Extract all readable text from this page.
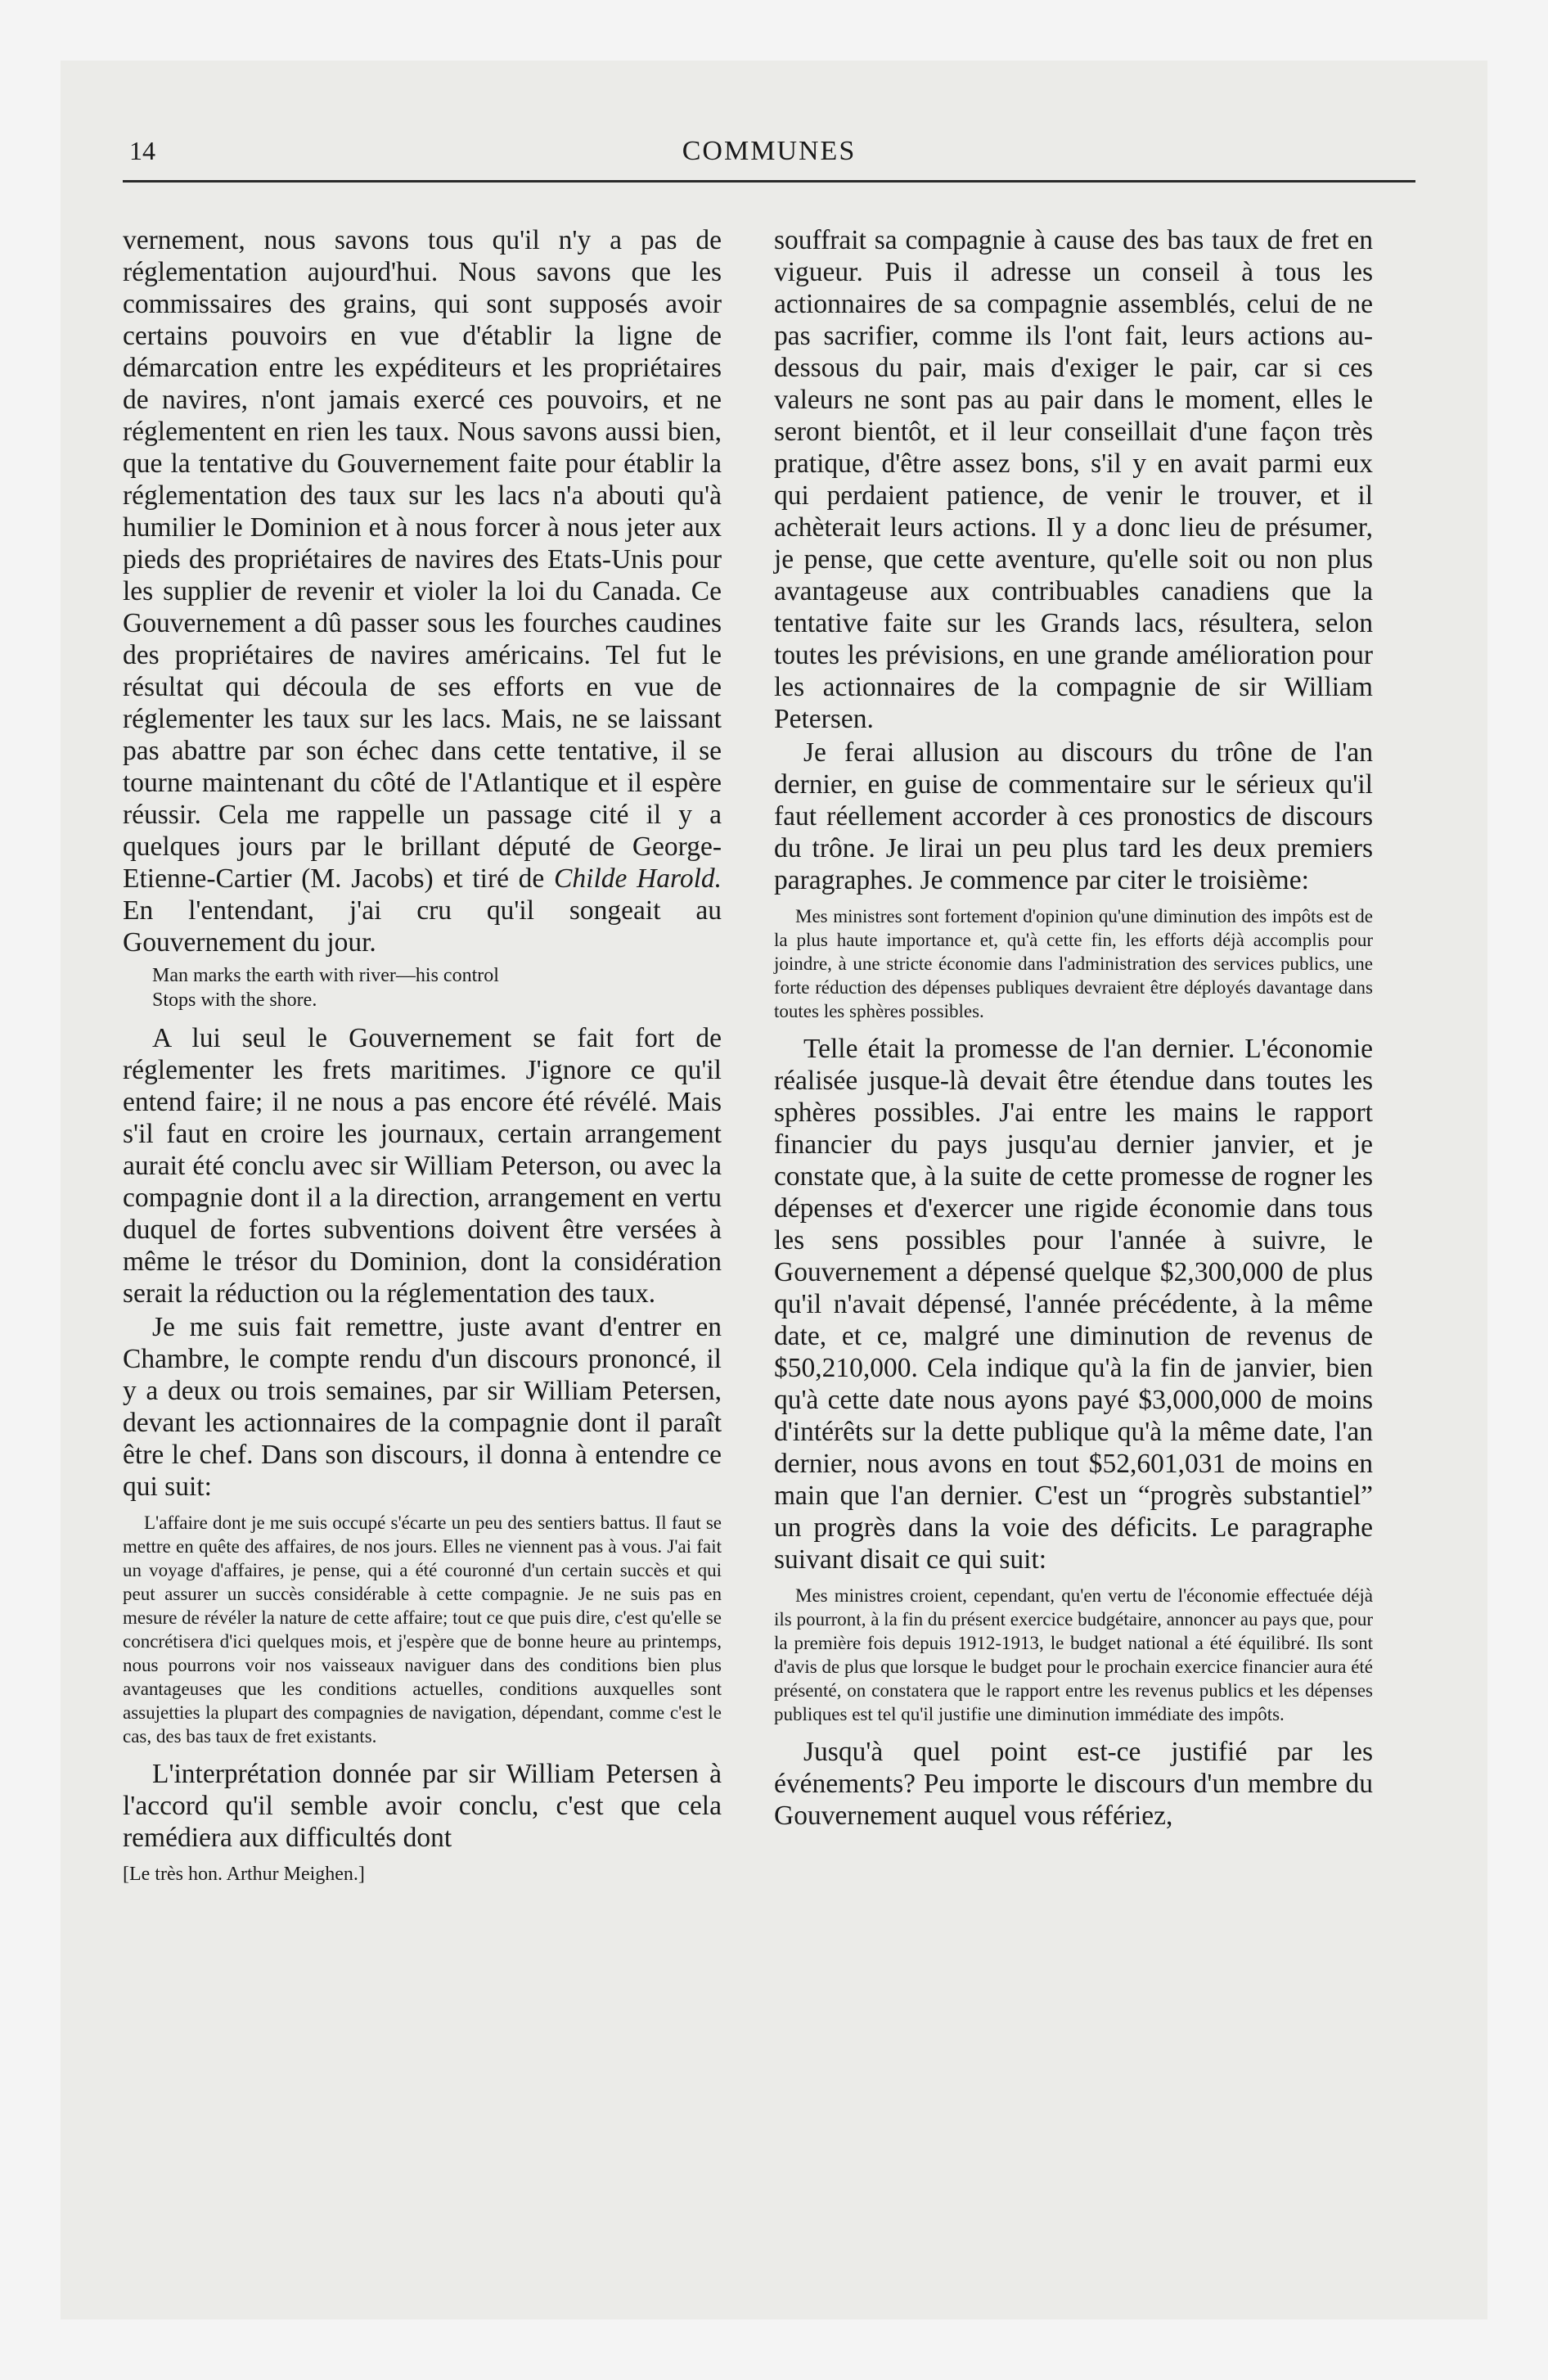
14	COMMUNES

vernement, nous savons tous qu'il n'y a pas de réglementation aujourd'hui. Nous savons que les commissaires des grains, qui sont supposés avoir certains pouvoirs en vue d'établir la ligne de démarcation entre les expéditeurs et les propriétaires de navires, n'ont jamais exercé ces pouvoirs, et ne réglementent en rien les taux. Nous savons aussi bien, que la tentative du Gouvernement faite pour établir la réglementation des taux sur les lacs n'a abouti qu'à humilier le Dominion et à nous forcer à nous jeter aux pieds des propriétaires de navires des Etats-Unis pour les supplier de revenir et violer la loi du Canada. Ce Gouvernement a dû passer sous les fourches caudines des propriétaires de navires américains. Tel fut le résultat qui découla de ses efforts en vue de réglementer les taux sur les lacs. Mais, ne se laissant pas abattre par son échec dans cette tentative, il se tourne maintenant du côté de l'Atlantique et il espère réussir. Cela me rappelle un passage cité il y a quelques jours par le brillant député de George-Etienne-Cartier (M. Jacobs) et tiré de Childe Harold. En l'entendant, j'ai cru qu'il songeait au Gouvernement du jour.

Man marks the earth with river—his control
Stops with the shore.

A lui seul le Gouvernement se fait fort de réglementer les frets maritimes. J'ignore ce qu'il entend faire; il ne nous a pas encore été révélé. Mais s'il faut en croire les journaux, certain arrangement aurait été conclu avec sir William Peterson, ou avec la compagnie dont il a la direction, arrangement en vertu duquel de fortes subventions doivent être versées à même le trésor du Dominion, dont la considération serait la réduction ou la réglementation des taux.

Je me suis fait remettre, juste avant d'entrer en Chambre, le compte rendu d'un discours prononcé, il y a deux ou trois semaines, par sir William Petersen, devant les actionnaires de la compagnie dont il paraît être le chef. Dans son discours, il donna à entendre ce qui suit:

L'affaire dont je me suis occupé s'écarte un peu des sentiers battus. Il faut se mettre en quête des affaires, de nos jours. Elles ne viennent pas à vous. J'ai fait un voyage d'affaires, je pense, qui a été couronné d'un certain succès et qui peut assurer un succès considérable à cette compagnie. Je ne suis pas en mesure de révéler la nature de cette affaire; tout ce que puis dire, c'est qu'elle se concrétisera d'ici quelques mois, et j'espère que de bonne heure au printemps, nous pourrons voir nos vaisseaux naviguer dans des conditions bien plus avantageuses que les conditions actuelles, conditions auxquelles sont assujetties la plupart des compagnies de navigation, dépendant, comme c'est le cas, des bas taux de fret existants.

L'interprétation donnée par sir William Petersen à l'accord qu'il semble avoir conclu, c'est que cela remédiera aux difficultés dont

[Le très hon. Arthur Meighen.]

souffrait sa compagnie à cause des bas taux de fret en vigueur. Puis il adresse un conseil à tous les actionnaires de sa compagnie assemblés, celui de ne pas sacrifier, comme ils l'ont fait, leurs actions au-dessous du pair, mais d'exiger le pair, car si ces valeurs ne sont pas au pair dans le moment, elles le seront bientôt, et il leur conseillait d'une façon très pratique, d'être assez bons, s'il y en avait parmi eux qui perdaient patience, de venir le trouver, et il achèterait leurs actions. Il y a donc lieu de présumer, je pense, que cette aventure, qu'elle soit ou non plus avantageuse aux contribuables canadiens que la tentative faite sur les Grands lacs, résultera, selon toutes les prévisions, en une grande amélioration pour les actionnaires de la compagnie de sir William Petersen.

Je ferai allusion au discours du trône de l'an dernier, en guise de commentaire sur le sérieux qu'il faut réellement accorder à ces pronostics de discours du trône. Je lirai un peu plus tard les deux premiers paragraphes. Je commence par citer le troisième:

Mes ministres sont fortement d'opinion qu'une diminution des impôts est de la plus haute importance et, qu'à cette fin, les efforts déjà accomplis pour joindre, à une stricte économie dans l'administration des services publics, une forte réduction des dépenses publiques devraient être déployés davantage dans toutes les sphères possibles.

Telle était la promesse de l'an dernier. L'économie réalisée jusque-là devait être étendue dans toutes les sphères possibles. J'ai entre les mains le rapport financier du pays jusqu'au dernier janvier, et je constate que, à la suite de cette promesse de rogner les dépenses et d'exercer une rigide économie dans tous les sens possibles pour l'année à suivre, le Gouvernement a dépensé quelque $2,300,000 de plus qu'il n'avait dépensé, l'année précédente, à la même date, et ce, malgré une diminution de revenus de $50,210,000. Cela indique qu'à la fin de janvier, bien qu'à cette date nous ayons payé $3,000,000 de moins d'intérêts sur la dette publique qu'à la même date, l'an dernier, nous avons en tout $52,601,031 de moins en main que l'an dernier. C'est un “progrès substantiel” un progrès dans la voie des déficits. Le paragraphe suivant disait ce qui suit:

Mes ministres croient, cependant, qu'en vertu de l'économie effectuée déjà ils pourront, à la fin du présent exercice budgétaire, annoncer au pays que, pour la première fois depuis 1912-1913, le budget national a été équilibré. Ils sont d'avis de plus que lorsque le budget pour le prochain exercice financier aura été présenté, on constatera que le rapport entre les revenus publics et les dépenses publiques est tel qu'il justifie une diminution immédiate des impôts.

Jusqu'à quel point est-ce justifié par les événements? Peu importe le discours d'un membre du Gouvernement auquel vous référiez,
